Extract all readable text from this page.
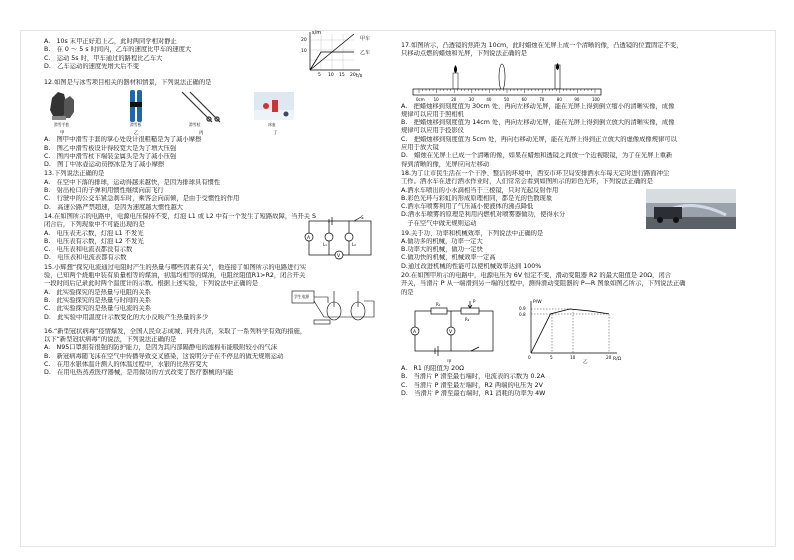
A.　10s 末甲正好追上乙，此时两同学相对静止
B.　在 0 ～ 5 s 时间内，乙车的速度比甲车的速度大
C.　运动 5s 时，甲车通过的路程比乙车大
D.　乙车运动的速度先增大后不变
s/m
t/s
甲车
乙车
5 10 15 20
10
20
12.如图是与冰雪项目相关的器材和情景，下列说法正确的是
滑雪手套	滑雪板	滑雪杖	冰壶
甲	乙	丙	丁
A.　图甲中滑雪手套的掌心处设计很粗糙是为了减小摩擦
B.　图乙中滑雪板设计得较宽大是为了增大压强
C.　图丙中滑雪杖下端装金属头是为了减小压强
D.　图丁中冰壶运动员擦冰是为了减小摩擦
13.下列说法正确的是
A.　在空中下落的排球，运动得越来越快，是因为排球具有惯性
B.　射出枪口的子弹利用惯性继续向前飞行
C.　行驶中的公交车紧急刹车时，乘客会向前倾，是由于受惯性的作用
D.　高速公路严禁超速，是因为速度越大惯性越大
14.在如图所示的电路中，电源电压保持不变，灯泡 L1 或 L2 中有一个发生了短路故障，当开关 S
闭合后，下列现象中不可能出现的是
A.　电压表无示数，灯泡 L1 不发光
B.　电压表有示数，灯泡 L2 不发光
C.　电压表和电流表都没有示数
D.　电压表和电流表都有示数
A
V
L₁	L₂
S
15.小辉想“探究电流通过电阻时产生的热量与哪些因素有关”，他连接了如图所示的电路进行实
验，已知两个烧瓶中装有质量相等的煤油，初温均相等的煤油，电阻丝阻值R1>R2，闭合开关
一段时间后记录此时两个温度计的示数。根据上述实验，下列说法中正确的是
A.　此实验探究的是热量与电阻的关系
B.　此实验探究的是热量与时间的关系
C.　此实验探究的是热量与电流的关系
D.　此实验中用温度计示数变化的大小反映产生热量的多少
学生电源
16.“新型冠状病毒”疫情爆发，全国人民众志成城、同舟共济，采取了一系列科学有效的措施，
以下“新型冠状病毒”的说法，下列说法正确的是
A.　N95口罩拥有很强的防护能力，是因为其内部隔静电的滤棉布能吸附较小的气沫
B.　新冠病毒随飞沫在空气中传播导致交叉感染，这说明分子在不停息的做无规则运动
C.　在用水银体温计测人的体温过程中，水银的比热容变大
D.　在用电热蒸煮医疗器械，是用做功的方式改变了医疗器械的内能
17.如图所示，凸透镜的焦距为 10cm，此时蜡烛在光屏上成一个清晰的像，凸透镜的位置固定不变，
只移动点燃的蜡烛和光屏，下列说法正确的是
0cm 10	20	30	40	50	60	70	80	90	100
A.　把蜡烛移到刻度值为 30cm 处，再向左移动光屏，能在光屏上得到倒立缩小的清晰实像，成像
规律可以应用于照相机
B.　把蜡烛移到刻度值为 14cm 处，再向左移动光屏，能在光屏上得到倒立放大的清晰实像，成像
规律可以应用于投影仪
C.　把蜡烛移到刻度值为 5cm 处，再向右移动光屏，能在光屏上得到正立放大的虚像成像规律可以
应用于放大镜
D.　蜡烛在光屏上已成一个清晰的像，如果在蜡烛和透镜之间放一个近视眼镜，为了在光屏上重新
得到清晰的像，光屏应向左移动
18.为了让市民生活在一个干净、整洁的环境中，西安市环卫局安排洒水车每天定时进行路面冲尘
工作。洒水车在进行洒水作业时，人们常常会看到如图所示的彩色光环，下列说法正确的是
A.洒水车喷出的小水滴相当于三棱镜，只对光起反射作用
B.彩色光环与彩虹的形成原理相同，都是光的色散现象
C.洒水车喷雾利用了气压减小使液体的沸点降低
D.洒水车喷雾的原理是利用内燃机对喷雾器做功，使得水分
　子在空气中做无规则运动
19.关于功、功率和机械效率，下列说法中正确的是
A.做功多的机械，功率一定大
B.功率大的机械，做功一定快
C.做功快的机械，机械效率一定高
D.通过改进机械的性能可以使机械效率达到 100%
20.在如图甲所示的电路中，电源电压为 6V 恒定不变，滑动变阻器 R2 的最大阻值是 20Ω，闭合
开关，当滑片 P 从一端滑到另一端的过程中，测得滑动变阻器的 P—R 图象如图乙所示，下列说法正确
的是
A	V
R₁
R₂
P
甲
P/W
R/Ω
0.9
0.8
5	10	20
0
乙
A.　R1 的阻值为 20Ω
B.　当滑片 P 滑至最右端时，电流表的示数为 0.2A
C.　当滑片 P 滑至最左端时，R2 两端的电压为 2V
D.　当滑片 P 滑至最右端时，R1 消耗的功率为 4W
